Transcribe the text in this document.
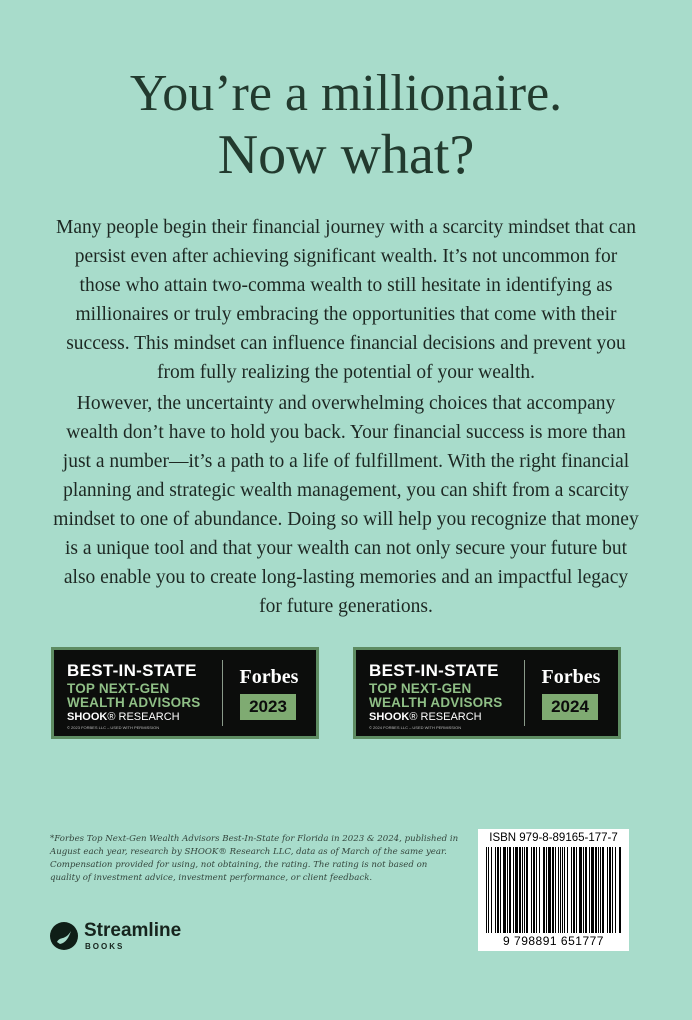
You’re a millionaire.
Now what?
Many people begin their financial journey with a scarcity mindset that can persist even after achieving significant wealth. It’s not uncommon for those who attain two-comma wealth to still hesitate in identifying as millionaires or truly embracing the opportunities that come with their success. This mindset can influence financial decisions and prevent you from fully realizing the potential of your wealth.
However, the uncertainty and overwhelming choices that accompany wealth don’t have to hold you back. Your financial success is more than just a number—it’s a path to a life of fulfillment. With the right financial planning and strategic wealth management, you can shift from a scarcity mindset to one of abundance. Doing so will help you recognize that money is a unique tool and that your wealth can not only secure your future but also enable you to create long-lasting memories and an impactful legacy for future generations.
BEST-IN-STATE
TOP NEXT-GEN
WEALTH ADVISORS
SHOOK® RESEARCH
© 2023 FORBES LLC – USED WITH PERMISSION
Forbes
2023
BEST-IN-STATE
TOP NEXT-GEN
WEALTH ADVISORS
SHOOK® RESEARCH
© 2024 FORBES LLC – USED WITH PERMISSION
Forbes
2024
*Forbes Top Next-Gen Wealth Advisors Best-In-State for Florida in 2023 & 2024, published in August each year, research by SHOOK® Research LLC, data as of March of the same year. Compensation provided for using, not obtaining, the rating. The rating is not based on quality of investment advice, investment performance, or client feedback.
Streamline
BOOKS
ISBN 979-8-89165-177-7
9 798891 651777
